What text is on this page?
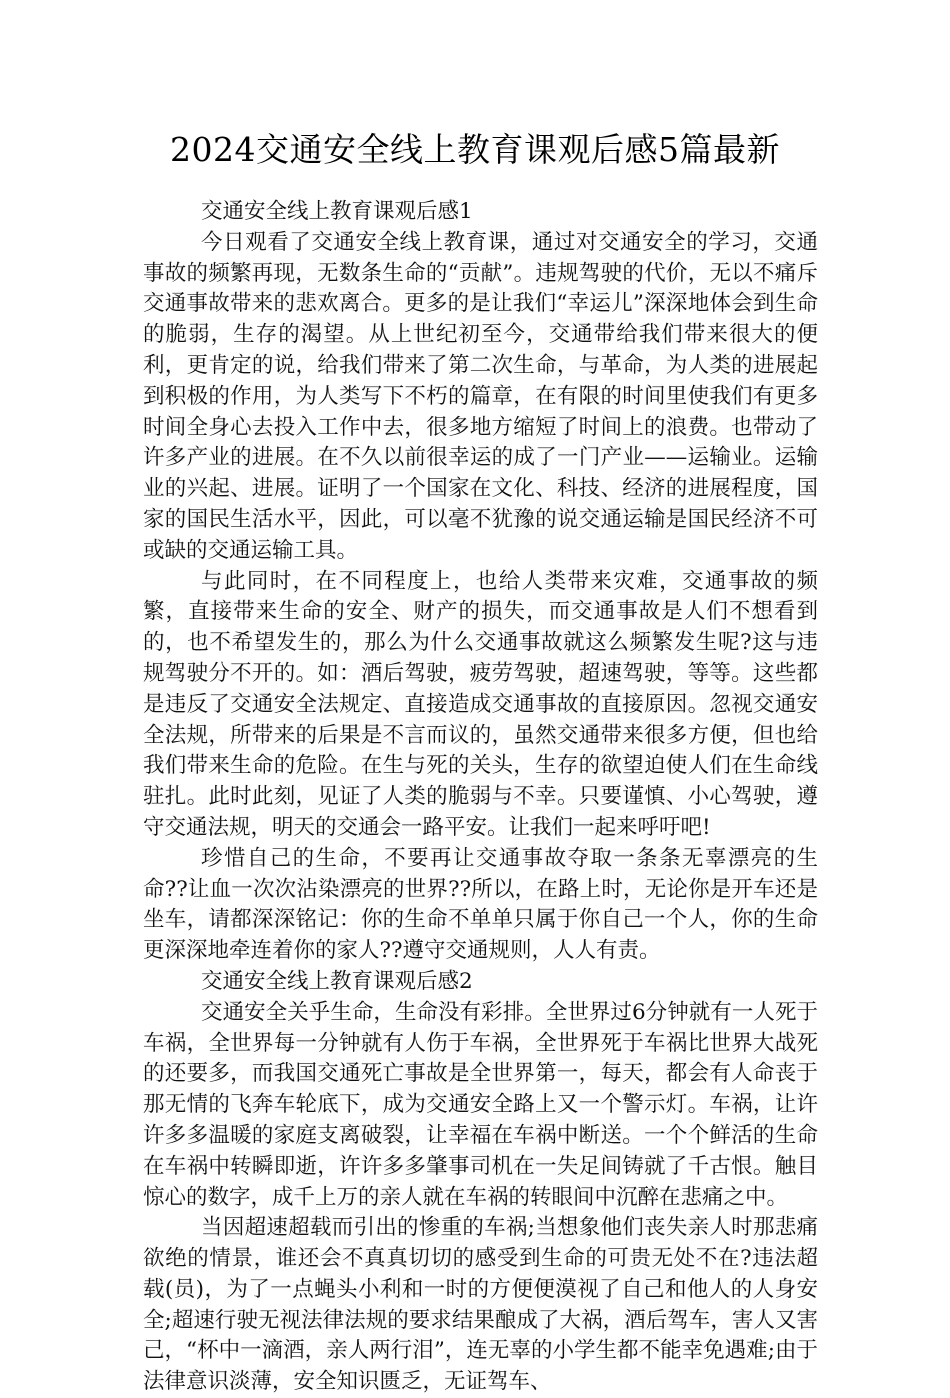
2024交通安全线上教育课观后感5篇最新

交通安全线上教育课观后感1

今日观看了交通安全线上教育课，通过对交通安全的学习，交通事故的频繁再现，无数条生命的“贡献”。违规驾驶的代价，无以不痛斥交通事故带来的悲欢离合。更多的是让我们“幸运儿”深深地体会到生命的脆弱，生存的渴望。从上世纪初至今，交通带给我们带来很大的便利，更肯定的说，给我们带来了第二次生命，与革命，为人类的进展起到积极的作用，为人类写下不朽的篇章，在有限的时间里使我们有更多时间全身心去投入工作中去，很多地方缩短了时间上的浪费。也带动了许多产业的进展。在不久以前很幸运的成了一门产业——运输业。运输业的兴起、进展。证明了一个国家在文化、科技、经济的进展程度，国家的国民生活水平，因此，可以毫不犹豫的说交通运输是国民经济不可或缺的交通运输工具。

与此同时，在不同程度上，也给人类带来灾难，交通事故的频繁，直接带来生命的安全、财产的损失，而交通事故是人们不想看到的，也不希望发生的，那么为什么交通事故就这么频繁发生呢?这与违规驾驶分不开的。如：酒后驾驶，疲劳驾驶，超速驾驶，等等。这些都是违反了交通安全法规定、直接造成交通事故的直接原因。忽视交通安全法规，所带来的后果是不言而议的，虽然交通带来很多方便，但也给我们带来生命的危险。在生与死的关头，生存的欲望迫使人们在生命线驻扎。此时此刻，见证了人类的脆弱与不幸。只要谨慎、小心驾驶，遵守交通法规，明天的交通会一路平安。让我们一起来呼吁吧!

珍惜自己的生命，不要再让交通事故夺取一条条无辜漂亮的生命??让血一次次沾染漂亮的世界??所以，在路上时，无论你是开车还是坐车，请都深深铭记：你的生命不单单只属于你自己一个人，你的生命更深深地牵连着你的家人??遵守交通规则，人人有责。

交通安全线上教育课观后感2

交通安全关乎生命，生命没有彩排。全世界过6分钟就有一人死于车祸，全世界每一分钟就有人伤于车祸，全世界死于车祸比世界大战死的还要多，而我国交通死亡事故是全世界第一，每天，都会有人命丧于那无情的飞奔车轮底下，成为交通安全路上又一个警示灯。车祸，让许许多多温暖的家庭支离破裂，让幸福在车祸中断送。一个个鲜活的生命在车祸中转瞬即逝，许许多多肇事司机在一失足间铸就了千古恨。触目惊心的数字，成千上万的亲人就在车祸的转眼间中沉醉在悲痛之中。

当因超速超载而引出的惨重的车祸;当想象他们丧失亲人时那悲痛欲绝的情景，谁还会不真真切切的感受到生命的可贵无处不在?违法超载(员)，为了一点蝇头小利和一时的方便便漠视了自己和他人的人身安全;超速行驶无视法律法规的要求结果酿成了大祸，酒后驾车，害人又害己，“杯中一滴酒，亲人两行泪”，连无辜的小学生都不能幸免遇难;由于法律意识淡薄，安全知识匮乏，无证驾车、
